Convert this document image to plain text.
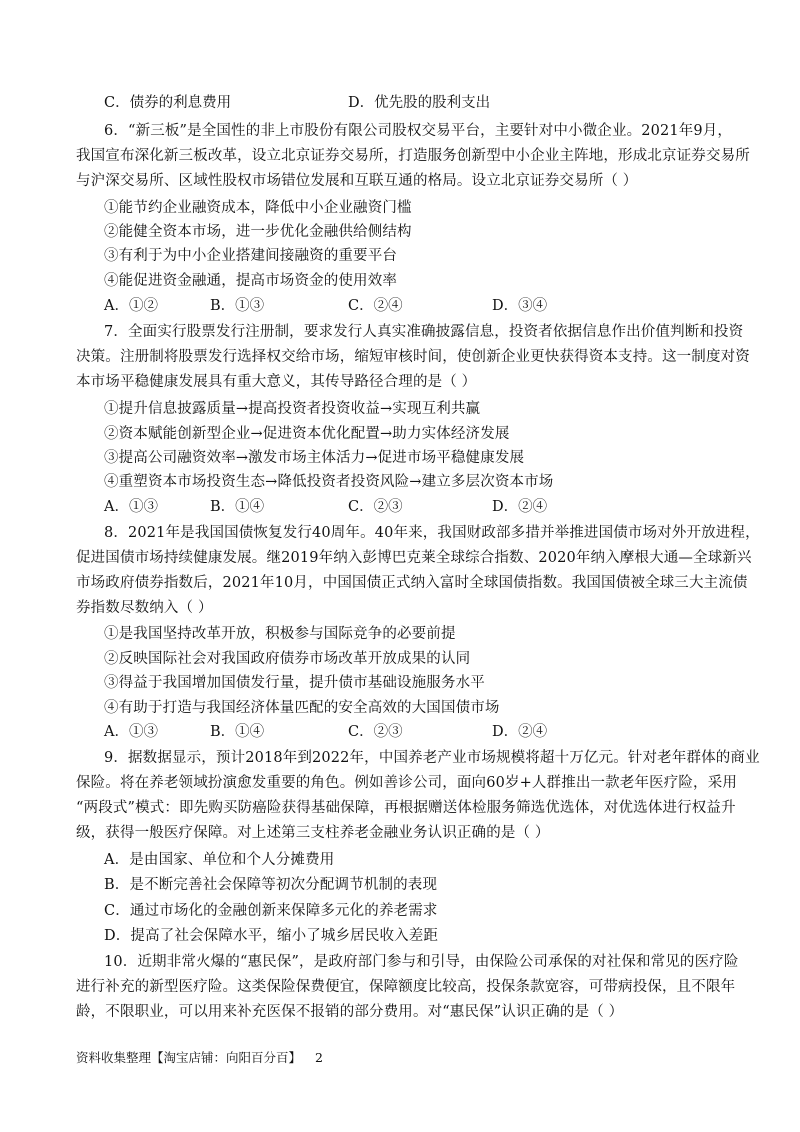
C．债券的利息费用	D．优先股的股利支出
6．“新三板”是全国性的非上市股份有限公司股权交易平台，主要针对中小微企业。2021年9月，
我国宣布深化新三板改革，设立北京证券交易所，打造服务创新型中小企业主阵地，形成北京证券交易所
与沪深交易所、区域性股权市场错位发展和互联互通的格局。设立北京证券交易所（ ）
①能节约企业融资成本，降低中小企业融资门槛
②能健全资本市场，进一步优化金融供给侧结构
③有利于为中小企业搭建间接融资的重要平台
④能促进资金融通，提高市场资金的使用效率
A．①②	B．①③	C．②④	D．③④
7．全面实行股票发行注册制，要求发行人真实准确披露信息，投资者依据信息作出价值判断和投资
决策。注册制将股票发行选择权交给市场，缩短审核时间，使创新企业更快获得资本支持。这一制度对资
本市场平稳健康发展具有重大意义，其传导路径合理的是（ ）
①提升信息披露质量→提高投资者投资收益→实现互利共赢
②资本赋能创新型企业→促进资本优化配置→助力实体经济发展
③提高公司融资效率→激发市场主体活力→促进市场平稳健康发展
④重塑资本市场投资生态→降低投资者投资风险→建立多层次资本市场
A．①③	B．①④	C．②③	D．②④
8．2021年是我国国债恢复发行40周年。40年来，我国财政部多措并举推进国债市场对外开放进程，
促进国债市场持续健康发展。继2019年纳入彭博巴克莱全球综合指数、2020年纳入摩根大通—全球新兴
市场政府债券指数后，2021年10月，中国国债正式纳入富时全球国债指数。我国国债被全球三大主流债
券指数尽数纳入（ ）
①是我国坚持改革开放，积极参与国际竞争的必要前提
②反映国际社会对我国政府债券市场改革开放成果的认同
③得益于我国增加国债发行量，提升债市基础设施服务水平
④有助于打造与我国经济体量匹配的安全高效的大国国债市场
A．①③	B．①④	C．②③	D．②④
9．据数据显示，预计2018年到2022年，中国养老产业市场规模将超十万亿元。针对老年群体的商业
保险。将在养老领域扮演愈发重要的角色。例如善诊公司，面向60岁+人群推出一款老年医疗险，采用
“两段式”模式：即先购买防癌险获得基础保障，再根据赠送体检服务筛选优选体，对优选体进行权益升
级，获得一般医疗保障。对上述第三支柱养老金融业务认识正确的是（ ）
A．是由国家、单位和个人分摊费用
B．是不断完善社会保障等初次分配调节机制的表现
C．通过市场化的金融创新来保障多元化的养老需求
D．提高了社会保障水平，缩小了城乡居民收入差距
10．近期非常火爆的“惠民保”，是政府部门参与和引导，由保险公司承保的对社保和常见的医疗险
进行补充的新型医疗险。这类保险保费便宜，保障额度比较高，投保条款宽容，可带病投保，且不限年
龄，不限职业，可以用来补充医保不报销的部分费用。对“惠民保”认识正确的是（ ）
资料收集整理【淘宝店铺：向阳百分百】 2
